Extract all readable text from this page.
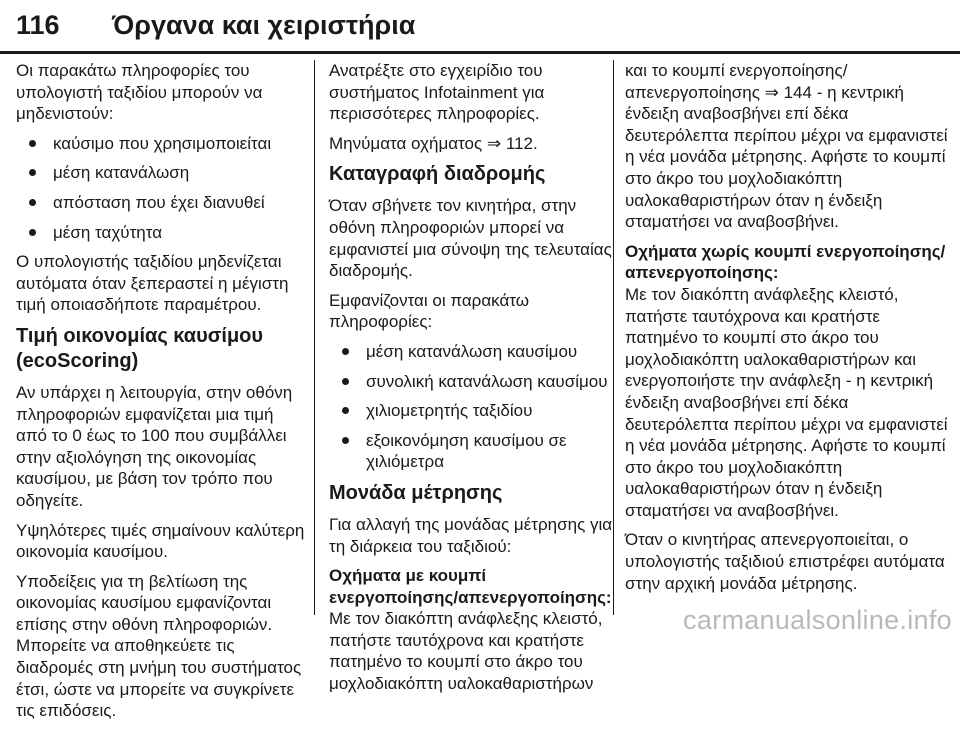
116 Όργανα και χειριστήρια

Οι παρακάτω πληροφορίες του υπολογιστή ταξιδίου μπορούν να μηδενιστούν:

καύσιμο που χρησιμοποιείται
μέση κατανάλωση
απόσταση που έχει διανυθεί
μέση ταχύτητα

Ο υπολογιστής ταξιδίου μηδενίζεται αυτόματα όταν ξεπεραστεί η μέγιστη τιμή οποιασδήποτε παραμέτρου.

Τιμή οικονομίας καυσίμου (ecoScoring)

Αν υπάρχει η λειτουργία, στην οθόνη πληροφοριών εμφανίζεται μια τιμή από το 0 έως το 100 που συμβάλλει στην αξιολόγηση της οικονομίας καυσίμου, με βάση τον τρόπο που οδηγείτε.

Υψηλότερες τιμές σημαίνουν καλύτερη οικονομία καυσίμου.

Υποδείξεις για τη βελτίωση της οικονομίας καυσίμου εμφανίζονται επίσης στην οθόνη πληροφοριών. Μπορείτε να αποθηκεύετε τις διαδρομές στη μνήμη του συστήματος έτσι, ώστε να μπορείτε να συγκρίνετε τις επιδόσεις.

Ανατρέξτε στο εγχειρίδιο του συστήματος Infotainment για περισσότερες πληροφορίες.

Μηνύματα οχήματος ⇒ 112.

Καταγραφή διαδρομής

Όταν σβήνετε τον κινητήρα, στην οθόνη πληροφοριών μπορεί να εμφανιστεί μια σύνοψη της τελευταίας διαδρομής.

Εμφανίζονται οι παρακάτω πληροφορίες:

μέση κατανάλωση καυσίμου
συνολική κατανάλωση καυσίμου
χιλιομετρητής ταξιδίου
εξοικονόμηση καυσίμου σε χιλιόμετρα
Μονάδα μέτρησης

Για αλλαγή της μονάδας μέτρησης για τη διάρκεια του ταξιδιού:

Οχήματα με κουμπί ενεργοποίησης/απενεργοποίησης:

Με τον διακόπτη ανάφλεξης κλειστό, πατήστε ταυτόχρονα και κρατήστε πατημένο το κουμπί στο άκρο του μοχλοδιακόπτη υαλοκαθαριστήρων

και το κουμπί ενεργοποίησης/απενεργοποίησης ⇒ 144 - η κεντρική ένδειξη αναβοσβήνει επί δέκα δευτερόλεπτα περίπου μέχρι να εμφανιστεί η νέα μονάδα μέτρησης. Αφήστε το κουμπί στο άκρο του μοχλοδιακόπτη υαλοκαθαριστήρων όταν η ένδειξη σταματήσει να αναβοσβήνει.

Οχήματα χωρίς κουμπί ενεργοποίησης/απενεργοποίησης:

Με τον διακόπτη ανάφλεξης κλειστό, πατήστε ταυτόχρονα και κρατήστε πατημένο το κουμπί στο άκρο του μοχλοδιακόπτη υαλοκαθαριστήρων και ενεργοποιήστε την ανάφλεξη - η κεντρική ένδειξη αναβοσβήνει επί δέκα δευτερόλεπτα περίπου μέχρι να εμφανιστεί η νέα μονάδα μέτρησης. Αφήστε το κουμπί στο άκρο του μοχλοδιακόπτη υαλοκαθαριστήρων όταν η ένδειξη σταματήσει να αναβοσβήνει.

Όταν ο κινητήρας απενεργοποιείται, ο υπολογιστής ταξιδιού επιστρέφει αυτόματα στην αρχική μονάδα μέτρησης.

carmanualsonline.info
